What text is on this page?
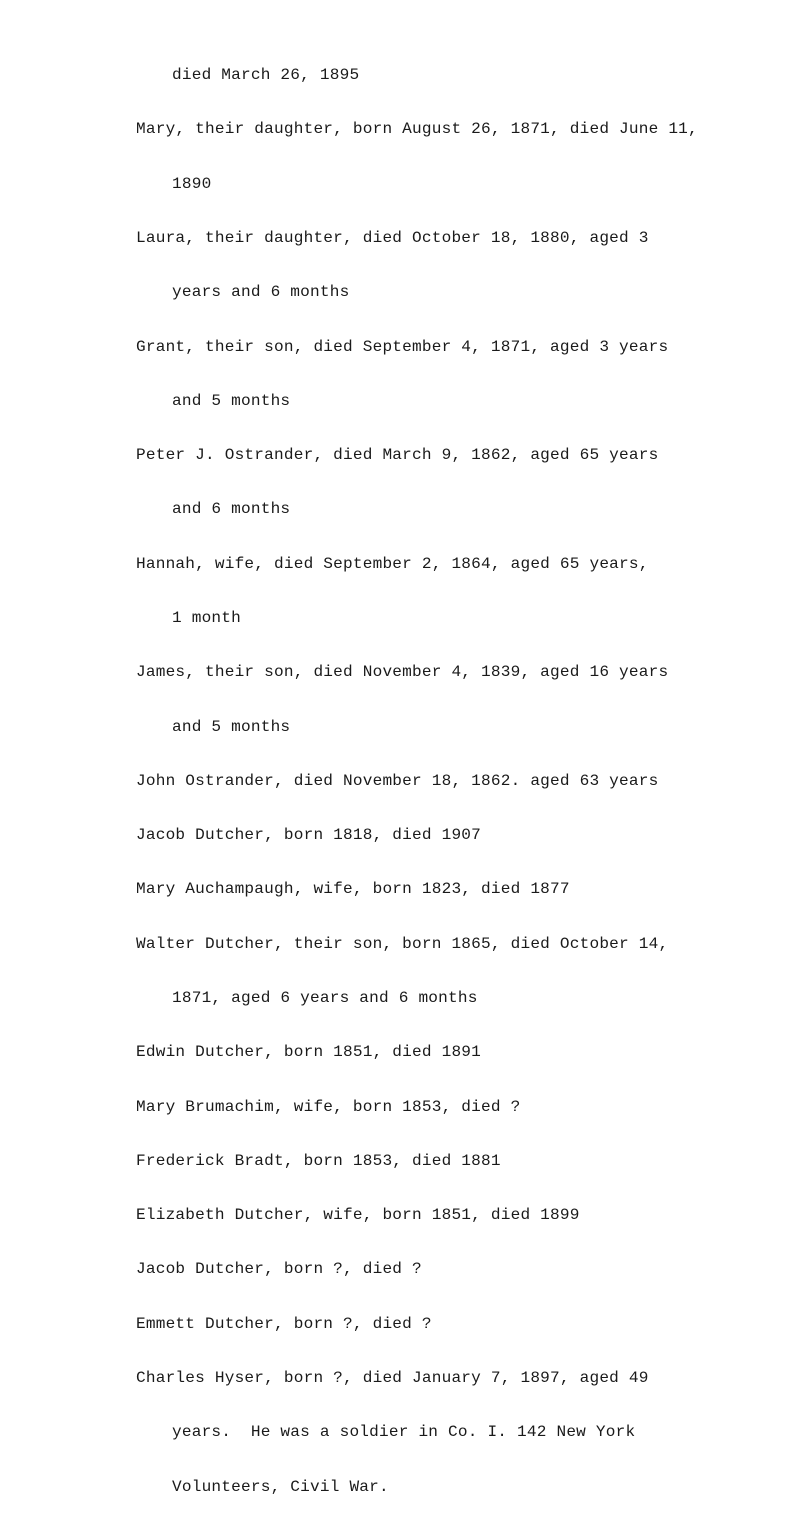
died March 26, 1895

Mary, their daughter, born August 26, 1871, died June 11,

1890

Laura, their daughter, died October 18, 1880, aged 3

years and 6 months

Grant, their son, died September 4, 1871, aged 3 years

and 5 months

Peter J. Ostrander, died March 9, 1862, aged 65 years

and 6 months

Hannah, wife, died September 2, 1864, aged 65 years,

1 month

James, their son, died November 4, 1839, aged 16 years

and 5 months

John Ostrander, died November 18, 1862. aged 63 years

Jacob Dutcher, born 1818, died 1907

Mary Auchampaugh, wife, born 1823, died 1877

Walter Dutcher, their son, born 1865, died October 14,

1871, aged 6 years and 6 months

Edwin Dutcher, born 1851, died 1891

Mary Brumachim, wife, born 1853, died ?

Frederick Bradt, born 1853, died 1881

Elizabeth Dutcher, wife, born 1851, died 1899

Jacob Dutcher, born ?, died ?

Emmett Dutcher, born ?, died ?

Charles Hyser, born ?, died January 7, 1897, aged 49

years.  He was a soldier in Co. I. 142 New York

Volunteers, Civil War.
